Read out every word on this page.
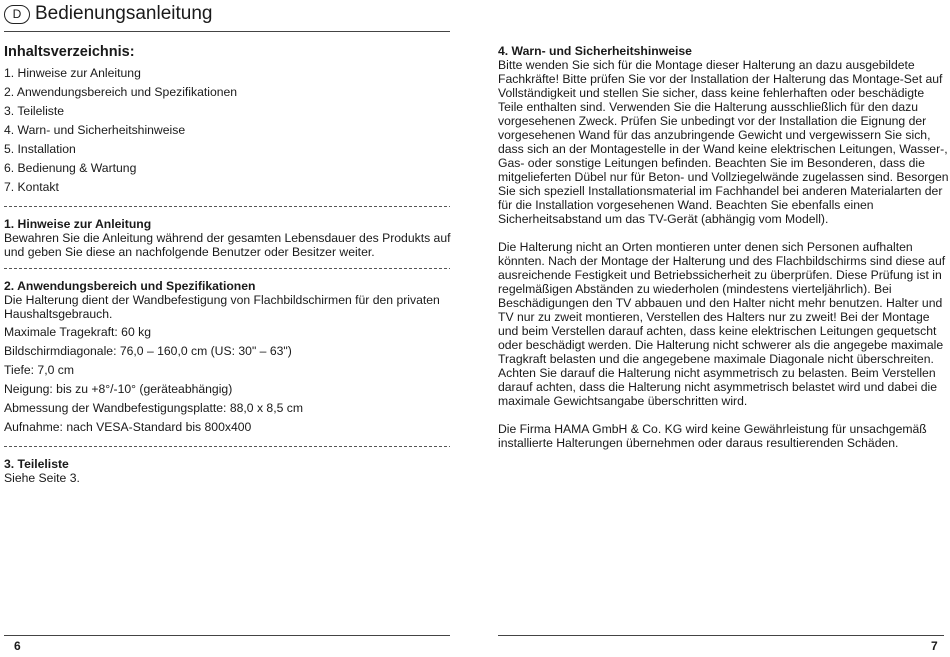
D Bedienungsanleitung
Inhaltsverzeichnis:
1. Hinweise zur Anleitung
2. Anwendungsbereich und Spezifikationen
3. Teileliste
4. Warn- und Sicherheitshinweise
5. Installation
6. Bedienung & Wartung
7. Kontakt
1. Hinweise zur Anleitung
Bewahren Sie die Anleitung während der gesamten Lebensdauer des Produkts auf und geben Sie diese an nachfolgende Benutzer oder Besitzer weiter.
2. Anwendungsbereich und Spezifikationen
Die Halterung dient der Wandbefestigung von Flachbildschirmen für den privaten Haushaltsgebrauch.
Maximale Tragekraft: 60 kg
Bildschirmdiagonale: 76,0 – 160,0 cm (US: 30" – 63")
Tiefe: 7,0 cm
Neigung: bis zu +8°/-10° (geräteabhängig)
Abmessung der Wandbefestigungsplatte: 88,0 x 8,5 cm
Aufnahme: nach VESA-Standard bis 800x400
3. Teileliste
Siehe Seite 3.
6
4. Warn- und Sicherheitshinweise
Bitte wenden Sie sich für die Montage dieser Halterung an dazu ausgebildete Fachkräfte! Bitte prüfen Sie vor der Installation der Halterung das Montage-Set auf Vollständigkeit und stellen Sie sicher, dass keine fehlerhaften oder beschädigte Teile enthalten sind. Verwenden Sie die Halterung ausschließlich für den dazu vorgesehenen Zweck. Prüfen Sie unbedingt vor der Installation die Eignung der vorgesehenen Wand für das anzubringende Gewicht und vergewissern Sie sich, dass sich an der Montagestelle in der Wand keine elektrischen Leitungen, Wasser-, Gas- oder sonstige Leitungen befinden. Beachten Sie im Besonderen, dass die mitgelieferten Dübel nur für Beton- und Vollziegelwände zugelassen sind. Besorgen Sie sich speziell Installationsmaterial im Fachhandel bei anderen Materialarten der für die Installation vorgesehenen Wand. Beachten Sie ebenfalls einen Sicherheitsabstand um das TV-Gerät (abhängig vom Modell).
Die Halterung nicht an Orten montieren unter denen sich Personen aufhalten könnten. Nach der Montage der Halterung und des Flachbildschirms sind diese auf ausreichende Festigkeit und Betriebssicherheit zu überprüfen. Diese Prüfung ist in regelmäßigen Abständen zu wiederholen (mindestens vierteljährlich). Bei Beschädigungen den TV abbauen und den Halter nicht mehr benutzen. Halter und TV nur zu zweit montieren, Verstellen des Halters nur zu zweit! Bei der Montage und beim Verstellen darauf achten, dass keine elektrischen Leitungen gequetscht oder beschädigt werden. Die Halterung nicht schwerer als die angegebe maximale Tragkraft belasten und die angegebene maximale Diagonale nicht überschreiten. Achten Sie darauf die Halterung nicht asymmetrisch zu belasten. Beim Verstellen darauf achten, dass die Halterung nicht asymmetrisch belastet wird und dabei die maximale Gewichtsangabe überschritten wird.
Die Firma HAMA GmbH & Co. KG wird keine Gewährleistung für unsachgemäß installierte Halterungen übernehmen oder daraus resultierenden Schäden.
7
